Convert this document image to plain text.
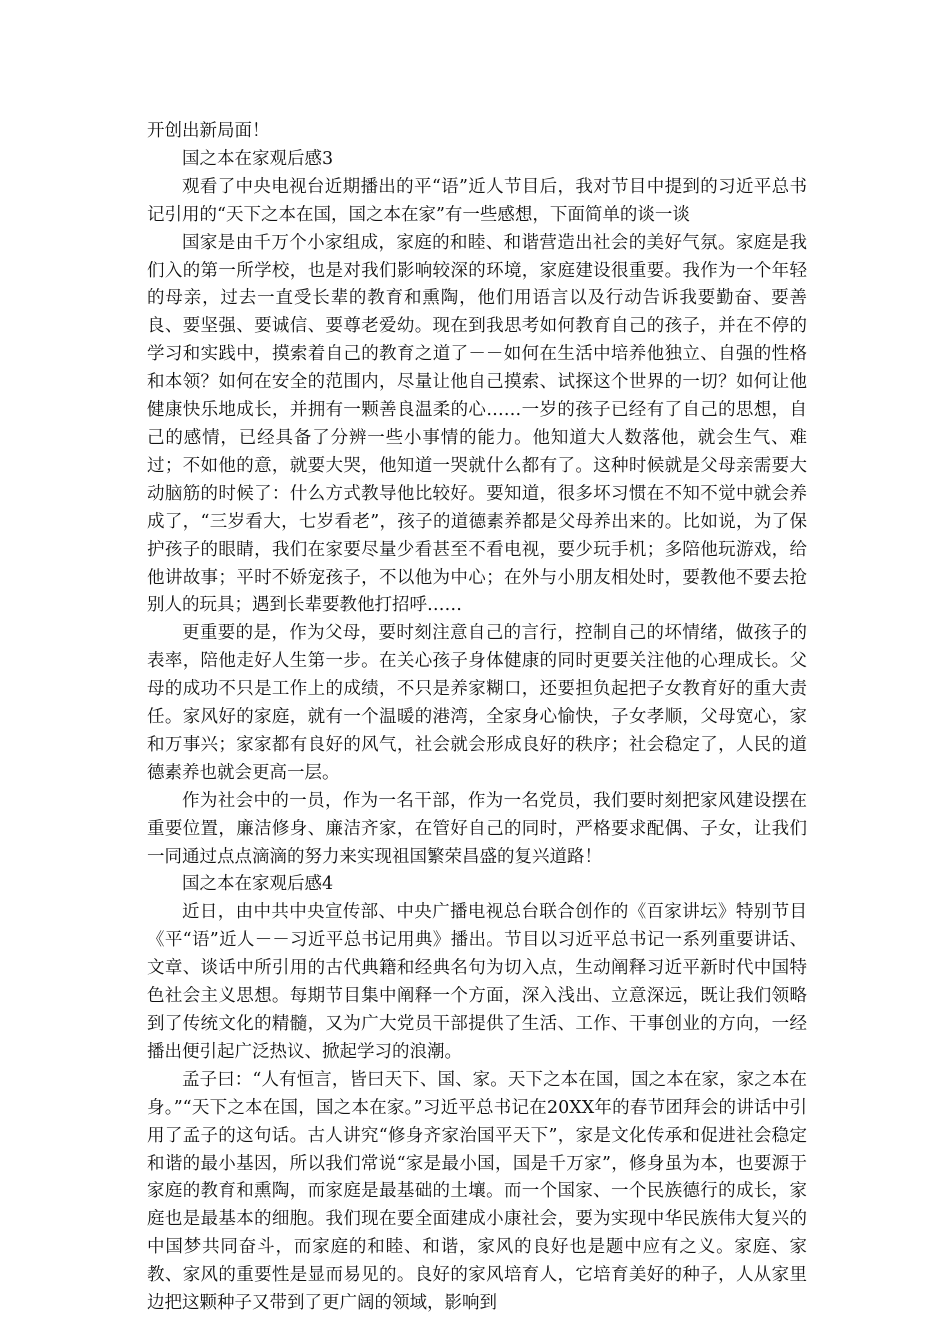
开创出新局面！

国之本在家观后感3

观看了中央电视台近期播出的平“语”近人节目后，我对节目中提到的习近平总书记引用的“天下之本在国，国之本在家”有一些感想，下面简单的谈一谈

国家是由千万个小家组成，家庭的和睦、和谐营造出社会的美好气氛。家庭是我们入的第一所学校，也是对我们影响较深的环境，家庭建设很重要。我作为一个年轻的母亲，过去一直受长辈的教育和熏陶，他们用语言以及行动告诉我要勤奋、要善良、要坚强、要诚信、要尊老爱幼。现在到我思考如何教育自己的孩子，并在不停的学习和实践中，摸索着自己的教育之道了－－如何在生活中培养他独立、自强的性格和本领？如何在安全的范围内，尽量让他自己摸索、试探这个世界的一切？如何让他健康快乐地成长，并拥有一颗善良温柔的心……一岁的孩子已经有了自己的思想，自己的感情，已经具备了分辨一些小事情的能力。他知道大人数落他，就会生气、难过；不如他的意，就要大哭，他知道一哭就什么都有了。这种时候就是父母亲需要大动脑筋的时候了：什么方式教导他比较好。要知道，很多坏习惯在不知不觉中就会养成了，“三岁看大，七岁看老”，孩子的道德素养都是父母养出来的。比如说，为了保护孩子的眼睛，我们在家要尽量少看甚至不看电视，要少玩手机；多陪他玩游戏，给他讲故事；平时不娇宠孩子，不以他为中心；在外与小朋友相处时，要教他不要去抢别人的玩具；遇到长辈要教他打招呼……

更重要的是，作为父母，要时刻注意自己的言行，控制自己的坏情绪，做孩子的表率，陪他走好人生第一步。在关心孩子身体健康的同时更要关注他的心理成长。父母的成功不只是工作上的成绩，不只是养家糊口，还要担负起把子女教育好的重大责任。家风好的家庭，就有一个温暖的港湾，全家身心愉快，子女孝顺，父母宽心，家和万事兴；家家都有良好的风气，社会就会形成良好的秩序；社会稳定了，人民的道德素养也就会更高一层。

作为社会中的一员，作为一名干部，作为一名党员，我们要时刻把家风建设摆在重要位置，廉洁修身、廉洁齐家，在管好自己的同时，严格要求配偶、子女，让我们一同通过点点滴滴的努力来实现祖国繁荣昌盛的复兴道路！

国之本在家观后感4

近日，由中共中央宣传部、中央广播电视总台联合创作的《百家讲坛》特别节目《平“语”近人－－习近平总书记用典》播出。节目以习近平总书记一系列重要讲话、文章、谈话中所引用的古代典籍和经典名句为切入点，生动阐释习近平新时代中国特色社会主义思想。每期节目集中阐释一个方面，深入浅出、立意深远，既让我们领略到了传统文化的精髓，又为广大党员干部提供了生活、工作、干事创业的方向，一经播出便引起广泛热议、掀起学习的浪潮。

孟子曰：“人有恒言，皆曰天下、国、家。天下之本在国，国之本在家，家之本在身。”“天下之本在国，国之本在家。”习近平总书记在20XX年的春节团拜会的讲话中引用了孟子的这句话。古人讲究“修身齐家治国平天下”，家是文化传承和促进社会稳定和谐的最小基因，所以我们常说“家是最小国，国是千万家”，修身虽为本，也要源于家庭的教育和熏陶，而家庭是最基础的土壤。而一个国家、一个民族德行的成长，家庭也是最基本的细胞。我们现在要全面建成小康社会，要为实现中华民族伟大复兴的中国梦共同奋斗，而家庭的和睦、和谐，家风的良好也是题中应有之义。家庭、家教、家风的重要性是显而易见的。良好的家风培育人，它培育美好的种子，人从家里边把这颗种子又带到了更广阔的领域，影响到
